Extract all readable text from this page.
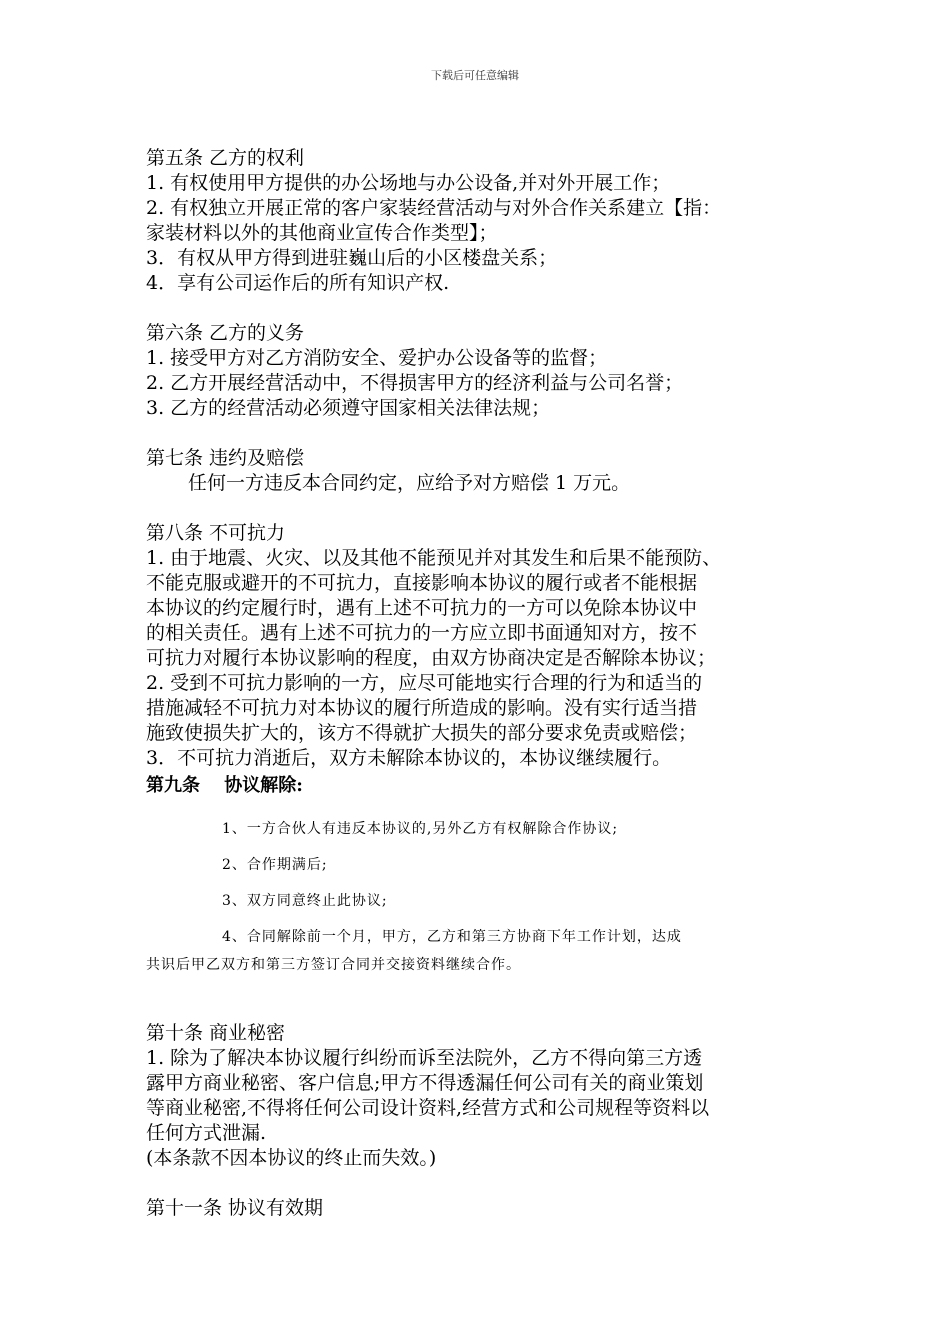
下载后可任意编辑
第五条 乙方的权利
1. 有权使用甲方提供的办公场地与办公设备,并对外开展工作；
2. 有权独立开展正常的客户家装经营活动与对外合作关系建立【指：
家装材料以外的其他商业宣传合作类型】；
3．有权从甲方得到进驻巍山后的小区楼盘关系；
4．享有公司运作后的所有知识产权.
第六条 乙方的义务
1. 接受甲方对乙方消防安全、爱护办公设备等的监督；
2. 乙方开展经营活动中，不得损害甲方的经济利益与公司名誉；
3. 乙方的经营活动必须遵守国家相关法律法规；
第七条 违约及赔偿
任何一方违反本合同约定，应给予对方赔偿 1 万元。
第八条 不可抗力
1. 由于地震、火灾、以及其他不能预见并对其发生和后果不能预防、
不能克服或避开的不可抗力，直接影响本协议的履行或者不能根据
本协议的约定履行时，遇有上述不可抗力的一方可以免除本协议中
的相关责任。遇有上述不可抗力的一方应立即书面通知对方，按不
可抗力对履行本协议影响的程度，由双方协商决定是否解除本协议；
2. 受到不可抗力影响的一方，应尽可能地实行合理的行为和适当的
措施减轻不可抗力对本协议的履行所造成的影响。没有实行适当措
施致使损失扩大的，该方不得就扩大损失的部分要求免责或赔偿；
3．不可抗力消逝后，双方未解除本协议的，本协议继续履行。
第九条　 协议解除:
1、一方合伙人有违反本协议的,另外乙方有权解除合作协议;
2、合作期满后;
3、双方同意终止此协议;
4、合同解除前一个月，甲方，乙方和第三方协商下年工作计划，达成
共识后甲乙双方和第三方签订合同并交接资料继续合作。
第十条 商业秘密
1. 除为了解决本协议履行纠纷而诉至法院外，乙方不得向第三方透
露甲方商业秘密、客户信息;甲方不得透漏任何公司有关的商业策划
等商业秘密,不得将任何公司设计资料,经营方式和公司规程等资料以
任何方式泄漏.
(本条款不因本协议的终止而失效。)
第十一条 协议有效期
